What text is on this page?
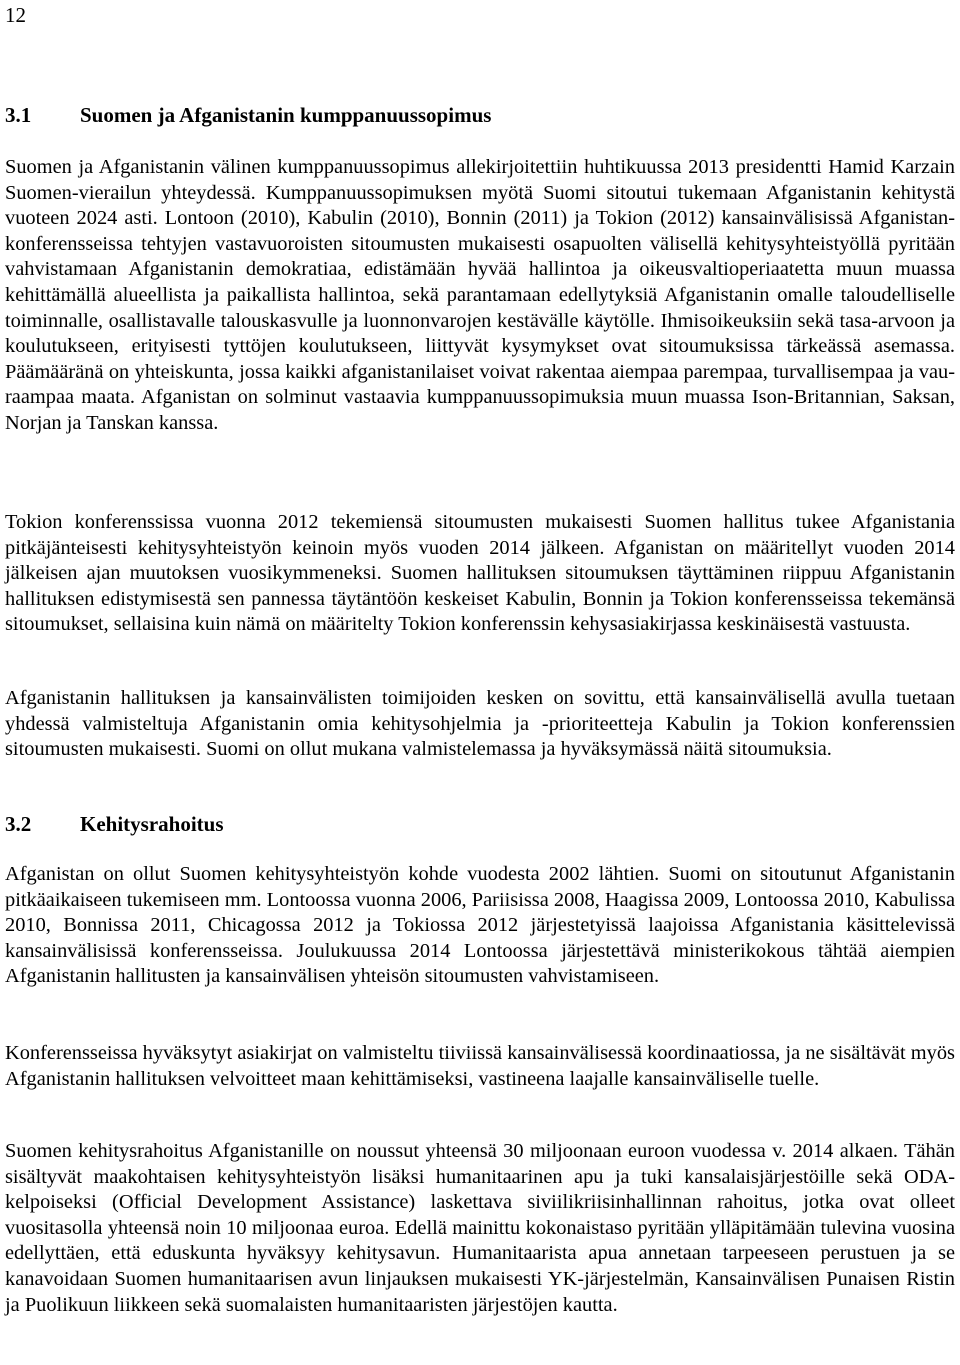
12
3.1 Suomen ja Afganistanin kumppanuussopimus

Suomen ja Afganistanin välinen kumppanuussopimus allekirjoitettiin huhtikuussa 2013 presidentti Hamid Karzain Suomen-vierailun yhteydessä. Kumppanuussopimuksen myötä Suomi sitoutui tukemaan Afganistanin kehitystä vuoteen 2024 asti. Lontoon (2010), Kabulin (2010), Bonnin (2011) ja Tokion (2012) kansainvälisissä Afganistan-konferensseissa tehtyjen vastavuoroisten sitoumusten mukaisesti osapuolten välisellä kehitysyhteistyöllä pyritään vahvistamaan Afganistanin demokratiaa, edistämään hyvää hallintoa ja oikeusvaltioperiaatetta muun muassa kehittämällä alueellista ja paikallista hallintoa, sekä parantamaan edellytyksiä Afganistanin omalle taloudelliselle toiminnalle, osallistavalle talouskasvulle ja luonnonvarojen kestävälle käytölle. Ihmisoikeuksiin sekä tasa-arvoon ja koulutukseen, erityisesti tyttöjen koulutukseen, liittyvät kysymykset ovat sitoumuksissa tärkeässä asemassa. Päämääränä on yhteiskunta, jossa kaikki afganistanilaiset voivat rakentaa aiempaa parempaa, turvallisempaa ja vauraampaa maata. Afganistan on solminut vastaavia kumppanuussopimuksia muun muassa Ison-Britannian, Saksan, Norjan ja Tanskan kanssa.

Tokion konferenssissa vuonna 2012 tekemiensä sitoumusten mukaisesti Suomen hallitus tukee Afganistania pitkäjänteisesti kehitysyhteistyön keinoin myös vuoden 2014 jälkeen. Afganistan on määritellyt vuoden 2014 jälkeisen ajan muutoksen vuosikymmeneksi. Suomen hallituksen sitoumuksen täyttäminen riippuu Afganistanin hallituksen edistymisestä sen pannessa täytäntöön keskeiset Kabulin, Bonnin ja Tokion konferensseissa tekemänsä sitoumukset, sellaisina kuin nämä on määritelty Tokion konferenssin kehysasiakirjassa keskinäisestä vastuusta.

Afganistanin hallituksen ja kansainvälisten toimijoiden kesken on sovittu, että kansainvälisellä avulla tuetaan yhdessä valmisteltuja Afganistanin omia kehitysohjelmia ja -prioriteetteja Kabulin ja Tokion konferenssien sitoumusten mukaisesti. Suomi on ollut mukana valmistelemassa ja hyväksymässä näitä sitoumuksia.

3.2 Kehitysrahoitus

Afganistan on ollut Suomen kehitysyhteistyön kohde vuodesta 2002 lähtien. Suomi on sitoutunut Afganistanin pitkäaikaiseen tukemiseen mm. Lontoossa vuonna 2006, Pariisissa 2008, Haagissa 2009, Lontoossa 2010, Kabulissa 2010, Bonnissa 2011, Chicagossa 2012 ja Tokiossa 2012 järjestetyissä laajoissa Afganistania käsittelevissä kansainvälisissä konferensseissa. Joulukuussa 2014 Lontoossa järjestettävä ministerikokous tähtää aiempien Afganistanin hallitusten ja kansainvälisen yhteisön sitoumusten vahvistamiseen.

Konferensseissa hyväksytyt asiakirjat on valmisteltu tiiviissä kansainvälisessä koordinaatiossa, ja ne sisältävät myös Afganistanin hallituksen velvoitteet maan kehittämiseksi, vastineena laajalle kansainväliselle tuelle.

Suomen kehitysrahoitus Afganistanille on noussut yhteensä 30 miljoonaan euroon vuodessa v. 2014 alkaen. Tähän sisältyvät maakohtaisen kehitysyhteistyön lisäksi humanitaarinen apu ja tuki kansalaisjärjestöille sekä ODA-kelpoiseksi (Official Development Assistance) laskettava siviilikriisinhallinnan rahoitus, jotka ovat olleet vuositasolla yhteensä noin 10 miljoonaa euroa. Edellä mainittu kokonaistaso pyritään ylläpitämään tulevina vuosina edellyttäen, että eduskunta hyväksyy kehitysavun. Humanitaarista apua annetaan tarpeeseen perustuen ja se kanavoidaan Suomen humanitaarisen avun linjauksen mukaisesti YK-järjestelmän, Kansainvälisen Punaisen Ristin ja Puolikuun liikkeen sekä suomalaisten humanitaaristen järjestöjen kautta.
